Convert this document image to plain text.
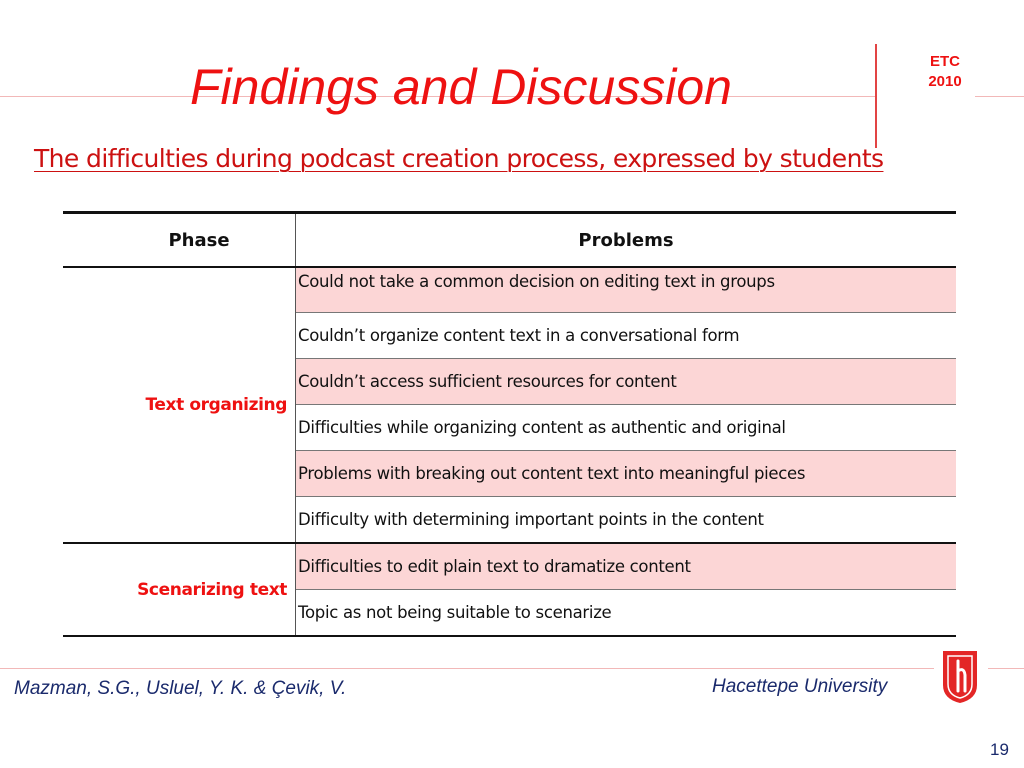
Findings and Discussion	ETC
2010
The difficulties during podcast creation process, expressed by students
Phase	Problems
Text organizing	Could not take a common decision on editing text in groups
	Couldn’t organize content text in a conversational form
	Couldn’t access sufficient resources for content
	Difficulties while organizing content as authentic and original
	Problems with breaking out content text into meaningful pieces
	Difficulty with determining important points in the content
Scenarizing text	Difficulties to edit plain text to dramatize content
	Topic as not being suitable to scenarize
Mazman, S.G., Usluel, Y. K. & Çevik, V.	Hacettepe University
19
